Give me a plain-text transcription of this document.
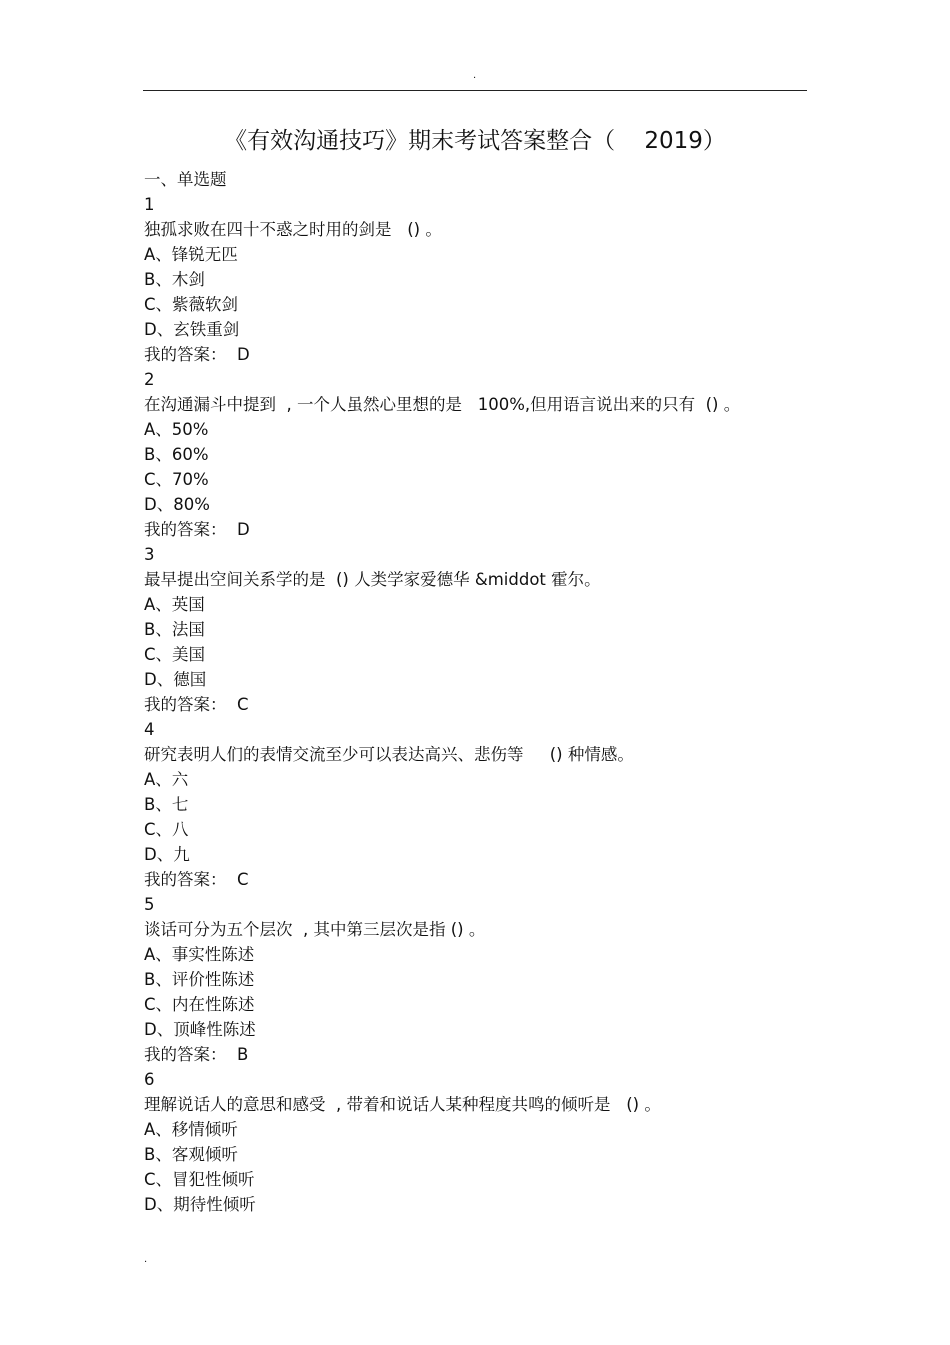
.
《有效沟通技巧》期末考试答案整合（    2019）
一、单选题
1
独孤求败在四十不惑之时用的剑是   () 。
A、锋锐无匹
B、木剑
C、紫薇软剑
D、玄铁重剑
我的答案：  D
2
在沟通漏斗中提到  , 一个人虽然心里想的是   100%,但用语言说出来的只有  () 。
A、50%
B、60%
C、70%
D、80%
我的答案：  D
3
最早提出空间关系学的是  () 人类学家爱德华 &middot 霍尔。
A、英国
B、法国
C、美国
D、德国
我的答案：  C
4
研究表明人们的表情交流至少可以表达高兴、悲伤等     () 种情感。
A、六
B、七
C、八
D、九
我的答案：  C
5
谈话可分为五个层次  , 其中第三层次是指 () 。
A、事实性陈述
B、评价性陈述
C、内在性陈述
D、顶峰性陈述
我的答案：  B
6
理解说话人的意思和感受  , 带着和说话人某种程度共鸣的倾听是   () 。
A、移情倾听
B、客观倾听
C、冒犯性倾听
D、期待性倾听
.
